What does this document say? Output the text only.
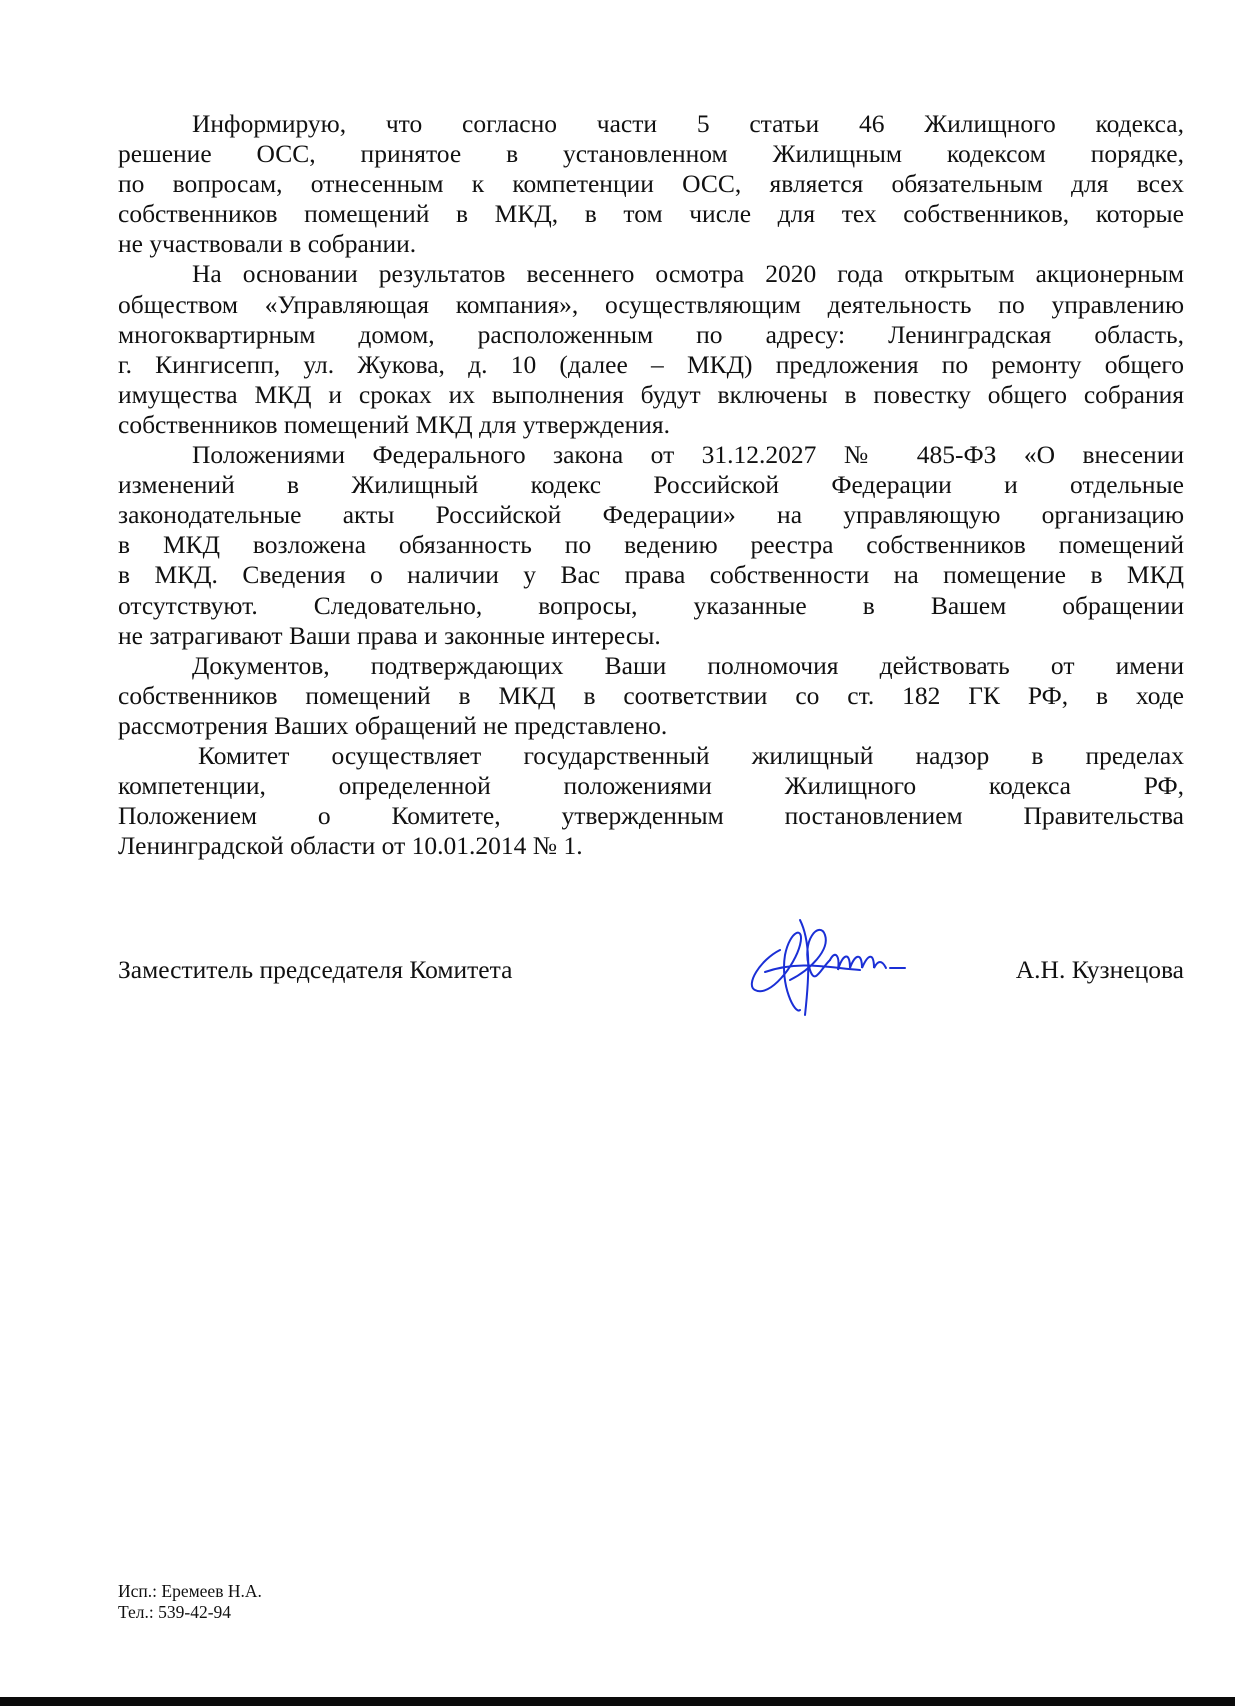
Информирую, что согласно части 5 статьи 46 Жилищного кодекса,
решение ОСС, принятое в установленном Жилищным кодексом порядке,
по вопросам, отнесенным к компетенции ОСС, является обязательным для всех
собственников помещений в МКД, в том числе для тех собственников, которые
не участвовали в собрании.
На основании результатов весеннего осмотра 2020 года открытым акционерным
обществом «Управляющая компания», осуществляющим деятельность по управлению
многоквартирным домом, расположенным по адресу: Ленинградская область,
г. Кингисепп, ул. Жукова, д. 10 (далее – МКД) предложения по ремонту общего
имущества МКД и сроках их выполнения будут включены в повестку общего собрания
собственников помещений МКД для утверждения.
Положениями Федерального закона от 31.12.2027 № 485-ФЗ «О внесении
изменений в Жилищный кодекс Российской Федерации и отдельные
законодательные акты Российской Федерации» на управляющую организацию
в МКД возложена обязанность по ведению реестра собственников помещений
в МКД. Сведения о наличии у Вас права собственности на помещение в МКД
отсутствуют. Следовательно, вопросы, указанные в Вашем обращении
не затрагивают Ваши права и законные интересы.
Документов, подтверждающих Ваши полномочия действовать от имени
собственников помещений в МКД в соответствии со ст. 182 ГК РФ, в ходе
рассмотрения Ваших обращений не представлено.
Комитет осуществляет государственный жилищный надзор в пределах
компетенции, определенной положениями Жилищного кодекса РФ,
Положением о Комитете, утвержденным постановлением Правительства
Ленинградской области от 10.01.2014 № 1.
Заместитель председателя Комитета	А.Н. Кузнецова
Исп.: Еремеев Н.А.
Тел.: 539-42-94
